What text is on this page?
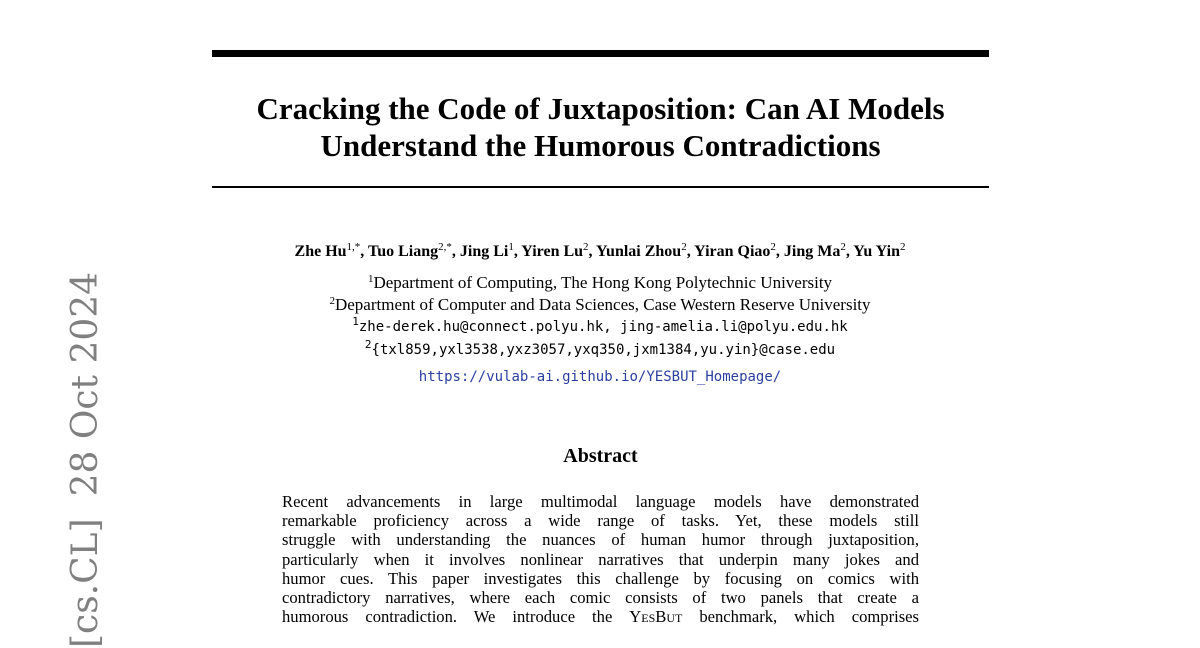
[cs.CL]28 Oct 2024
Cracking the Code of Juxtaposition: Can AI Models
Understand the Humorous Contradictions
Zhe $Hu^{1,*}$, Tuo Liang$^{2,*}$, Jing Li$^1$, Yiren Lu$^2$, Yunlai Zhou$^2$, Yiran Qiao$^2$, Jing Ma$^2$, Yu Yin$^2$
$^1$Department of Computing, The Hong Kong Polytechnic University
$^2$Department of Computer and Data Sciences, Case Western Reserve University
$^1$zhe-derek.hu@connect.polyu.hk, jing-amelia.li@polyu.edu.hk
$^2${txl859,yxl3538,yxz3057,yxq350,jxm1384,yu.yin}@case.edu
https://vulab-ai.github.io/YESBUT_Homepage/
Abstract
Recent advancements in large multimodal language models have demonstrated
remarkable proficiency across a wide range of tasks. Yet, these models still
struggle with understanding the nuances of human humor through juxtaposition,
particularly when it involves nonlinear narratives that underpin many jokes and
humor cues. This paper investigates this challenge by focusing on comics with
contradictory narratives, where each comic consists of two panels that create a
humorous contradiction. We introduce the YesBut benchmark, which comprises
